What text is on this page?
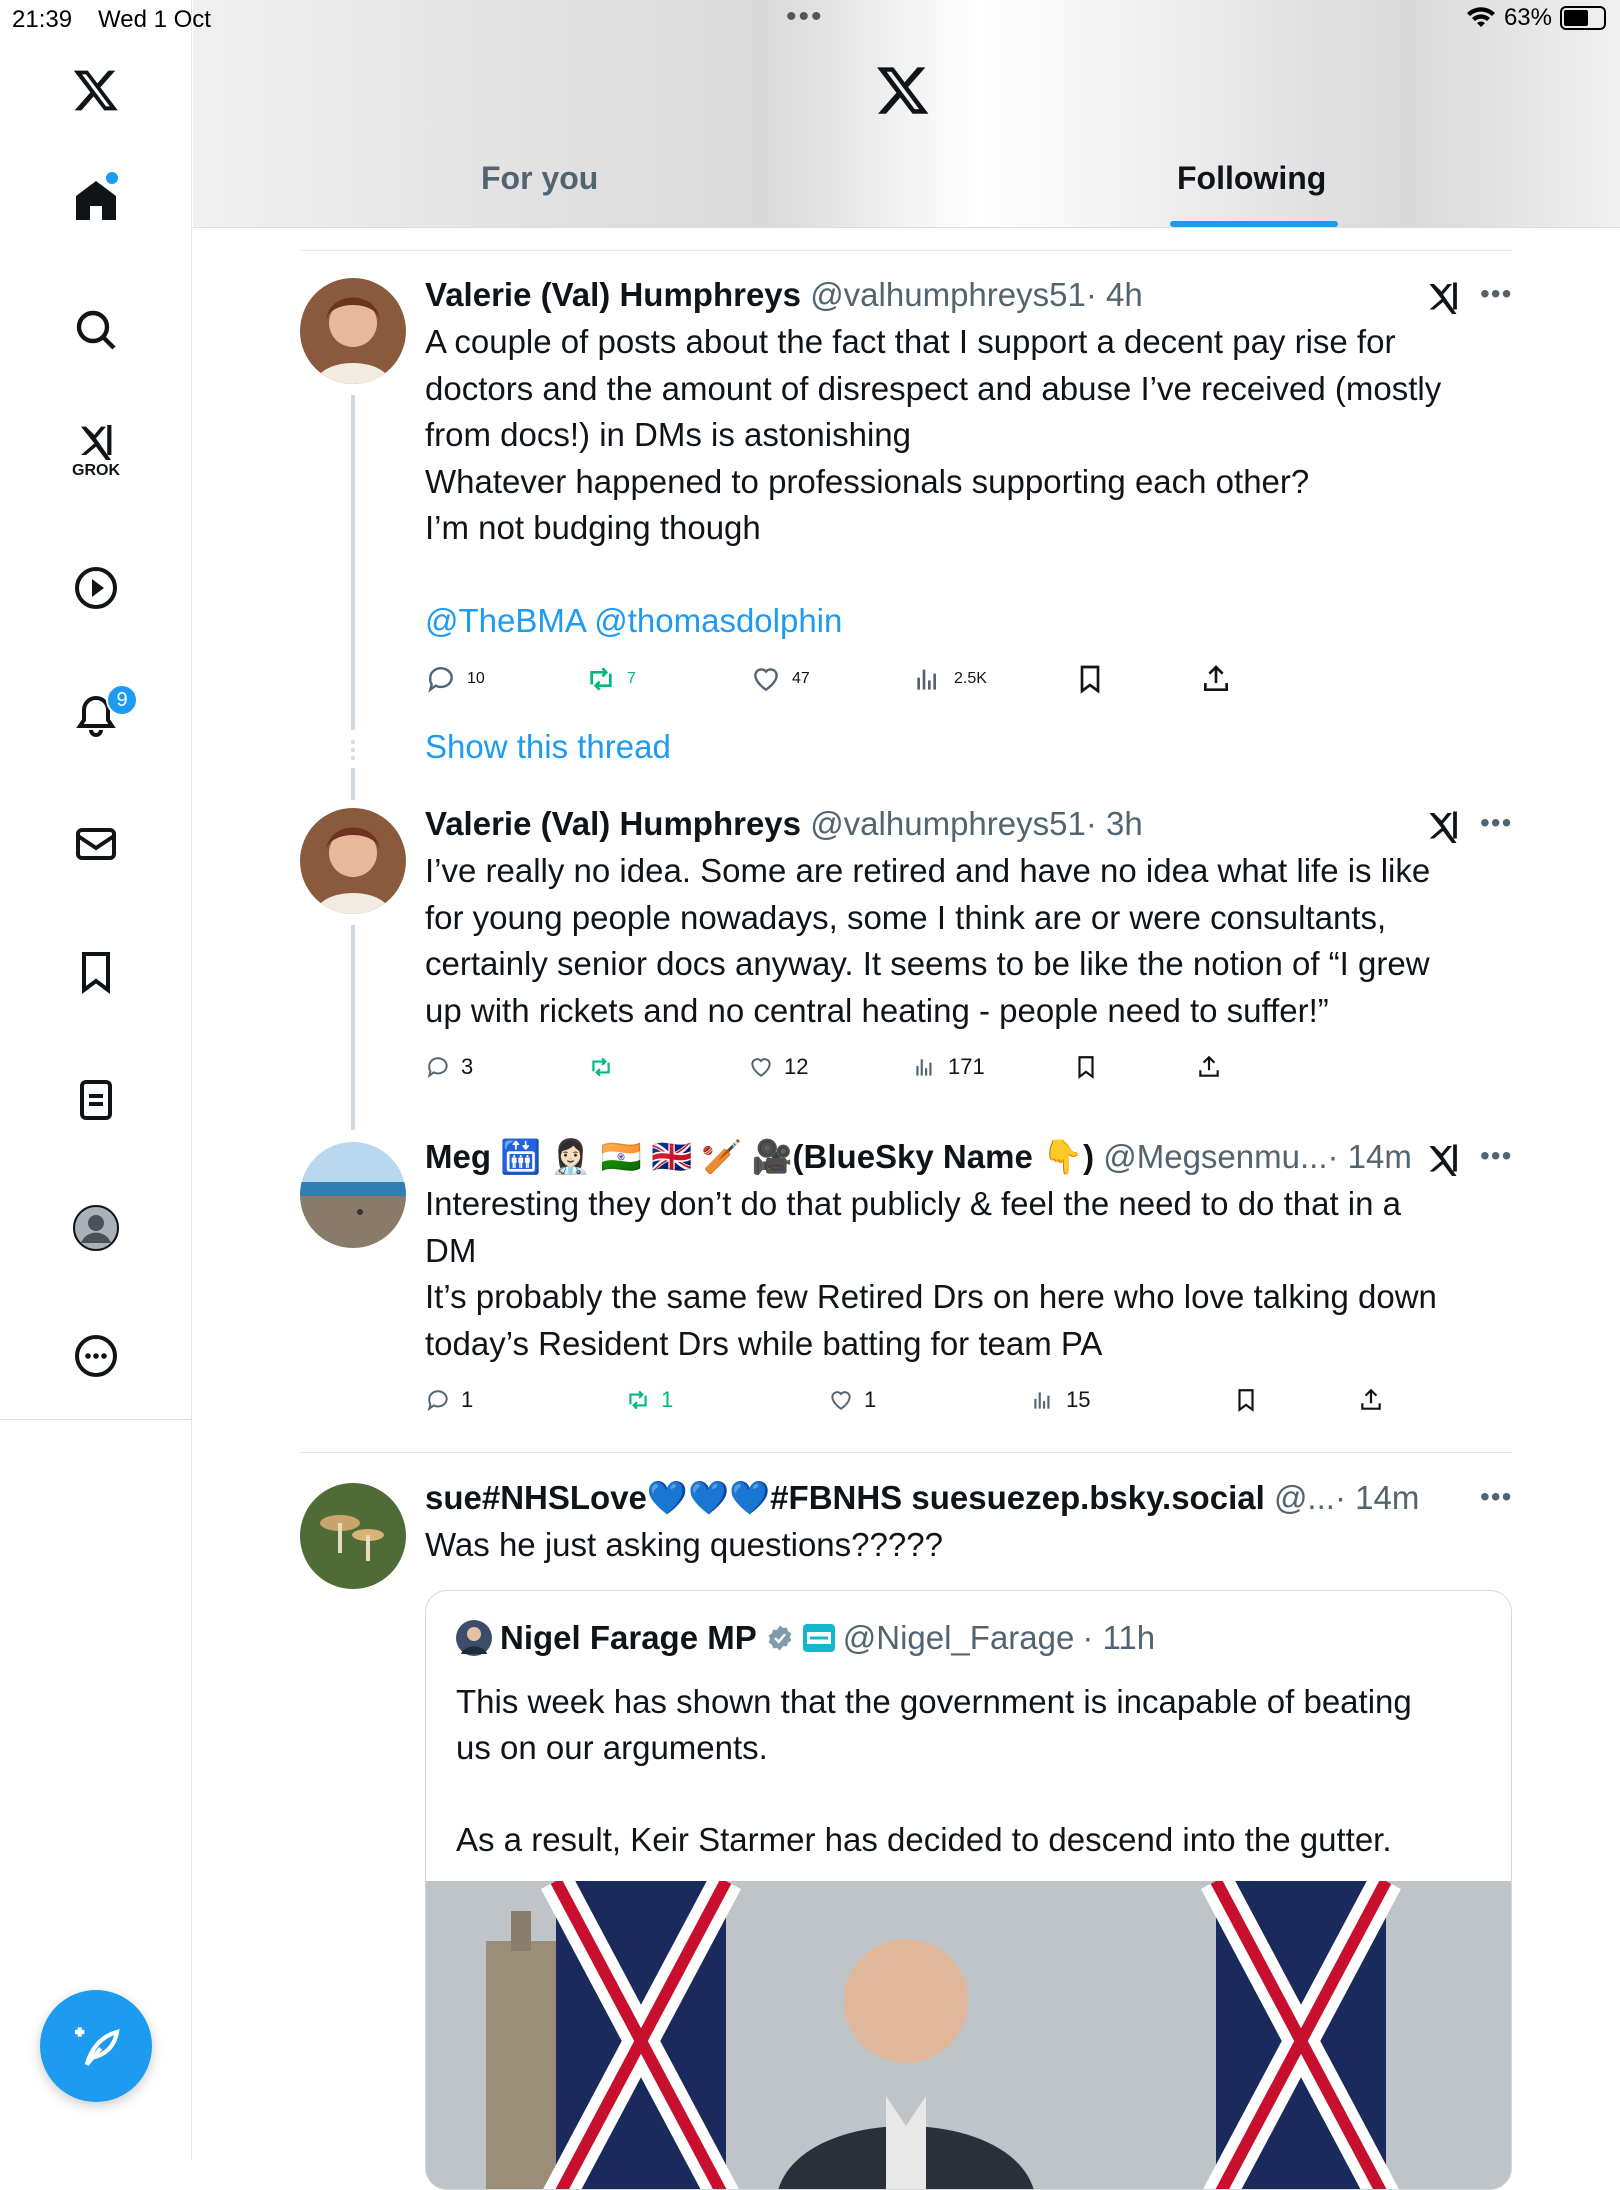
21:39 Wed 1 Oct	•••	63%
GROK
9
For you	Following
Valerie (Val) Humphreys @valhumphreys51· 4h
A couple of posts about the fact that I support a decent pay rise for
doctors and the amount of disrespect and abuse I’ve received (mostly
from docs!) in DMs is astonishing
Whatever happened to professionals supporting each other?
I’m not budging though
@TheBMA @thomasdolphin
•••
10	7	47	2.5K
Show this thread
Valerie (Val) Humphreys @valhumphreys51· 3h
I’ve really no idea. Some are retired and have no idea what life is like
for young people nowadays, some I think are or were consultants,
certainly senior docs anyway. It seems to be like the notion of “I grew
up with rickets and no central heating - people need to suffer!”
•••
3	12	171
Meg 🛗 👩🏻‍⚕️ 🇮🇳 🇬🇧 🏏 🎥(BlueSky Name 👇) @Megsenmu...· 14m
Interesting they don’t do that publicly & feel the need to do that in a
DM
It’s probably the same few Retired Drs on here who love talking down
today’s Resident Drs while batting for team PA
•••
1	1	1	15
sue#NHSLove💙💙💙#FBNHS suesuezep.bsky.social @...· 14m
Was he just asking questions?????
•••
Nigel Farage MP	@Nigel_Farage · 11h
This week has shown that the government is incapable of beating
us on our arguments.
As a result, Keir Starmer has decided to descend into the gutter.
